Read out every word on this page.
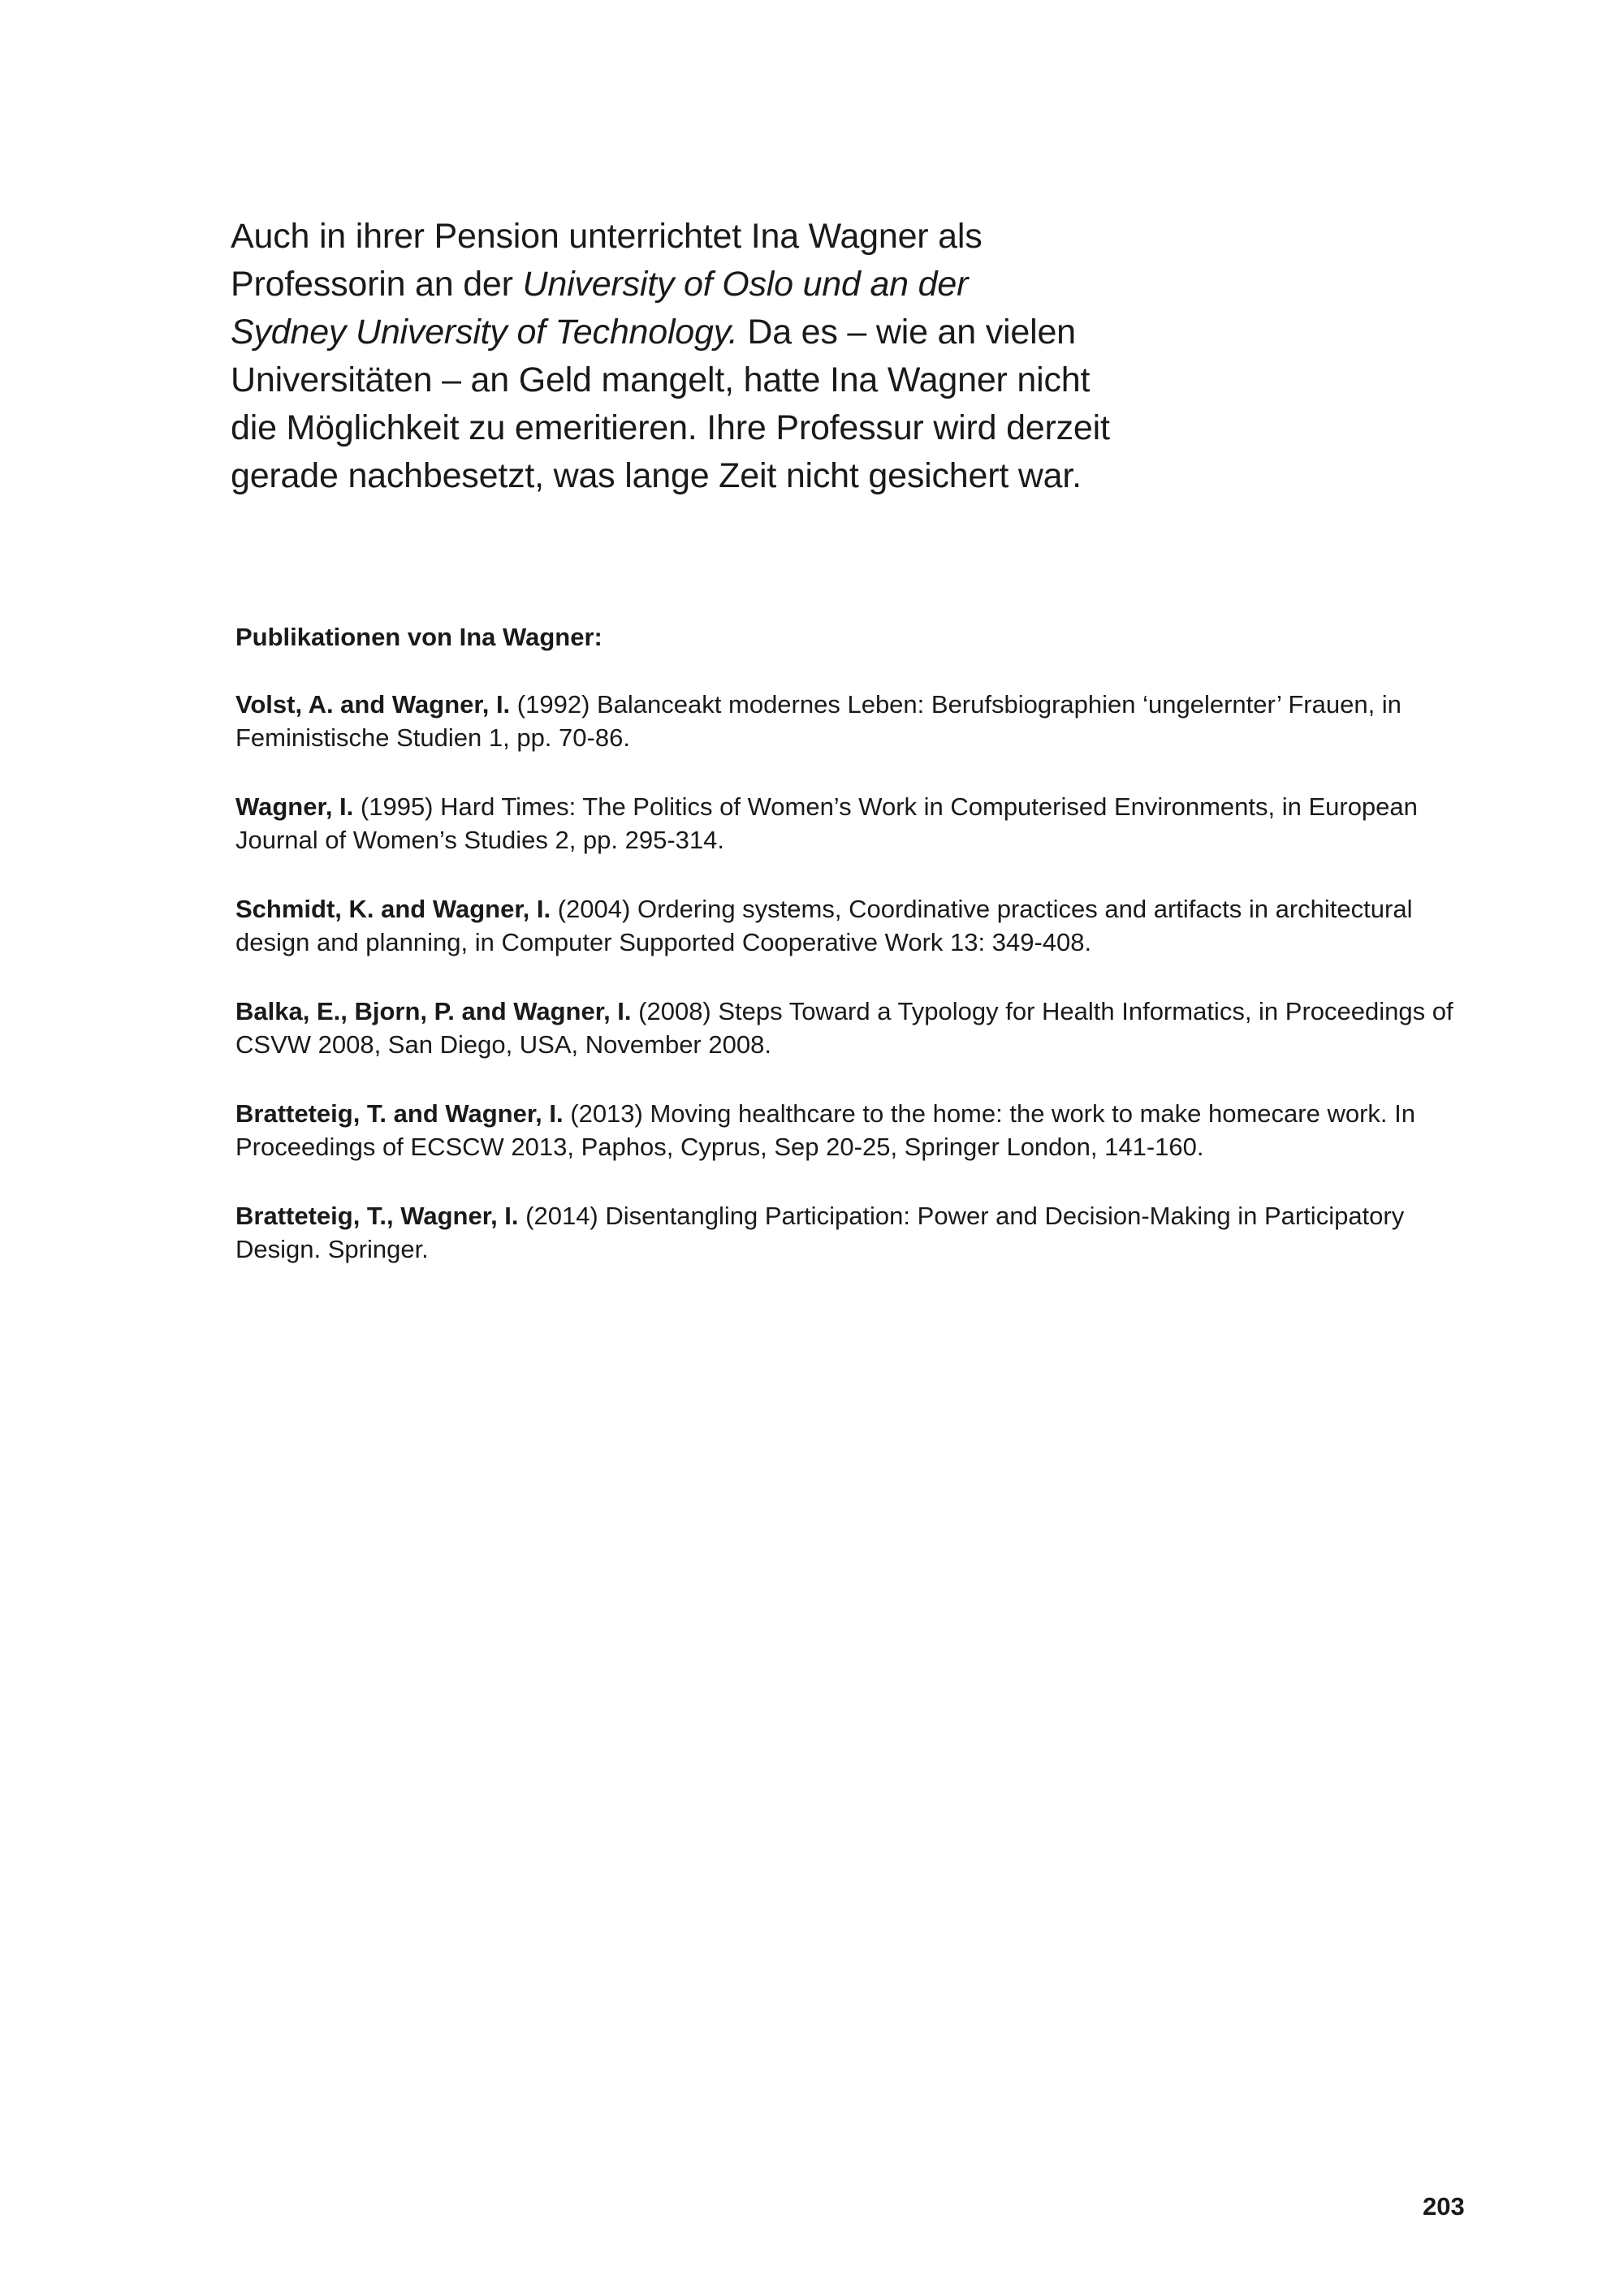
Auch in ihrer Pension unterrichtet Ina Wagner als
Professorin an der University of Oslo und an der
Sydney University of Technology. Da es – wie an vielen
Universitäten – an Geld mangelt, hatte Ina Wagner nicht
die Möglichkeit zu emeritieren. Ihre Professur wird derzeit
gerade nachbesetzt, was lange Zeit nicht gesichert war.
Publikationen von Ina Wagner:
Volst, A. and Wagner, I. (1992) Balanceakt modernes Leben: Berufsbiographien ‘ungelernter’ Frauen, in
Feministische Studien 1, pp. 70-86.
Wagner, I. (1995) Hard Times: The Politics of Women’s Work in Computerised Environments, in European
Journal of Women’s Studies 2, pp. 295-314.
Schmidt, K. and Wagner, I. (2004) Ordering systems, Coordinative practices and artifacts in architectural
design and planning, in Computer Supported Cooperative Work 13: 349-408.
Balka, E., Bjorn, P. and Wagner, I. (2008) Steps Toward a Typology for Health Informatics, in Proceedings of
CSVW 2008, San Diego, USA, November 2008.
Bratteteig, T. and Wagner, I. (2013) Moving healthcare to the home: the work to make homecare work. In
Proceedings of ECSCW 2013, Paphos, Cyprus, Sep 20-25, Springer London, 141-160.
Bratteteig, T., Wagner, I. (2014) Disentangling Participation: Power and Decision-Making in Participatory
Design. Springer.
203
